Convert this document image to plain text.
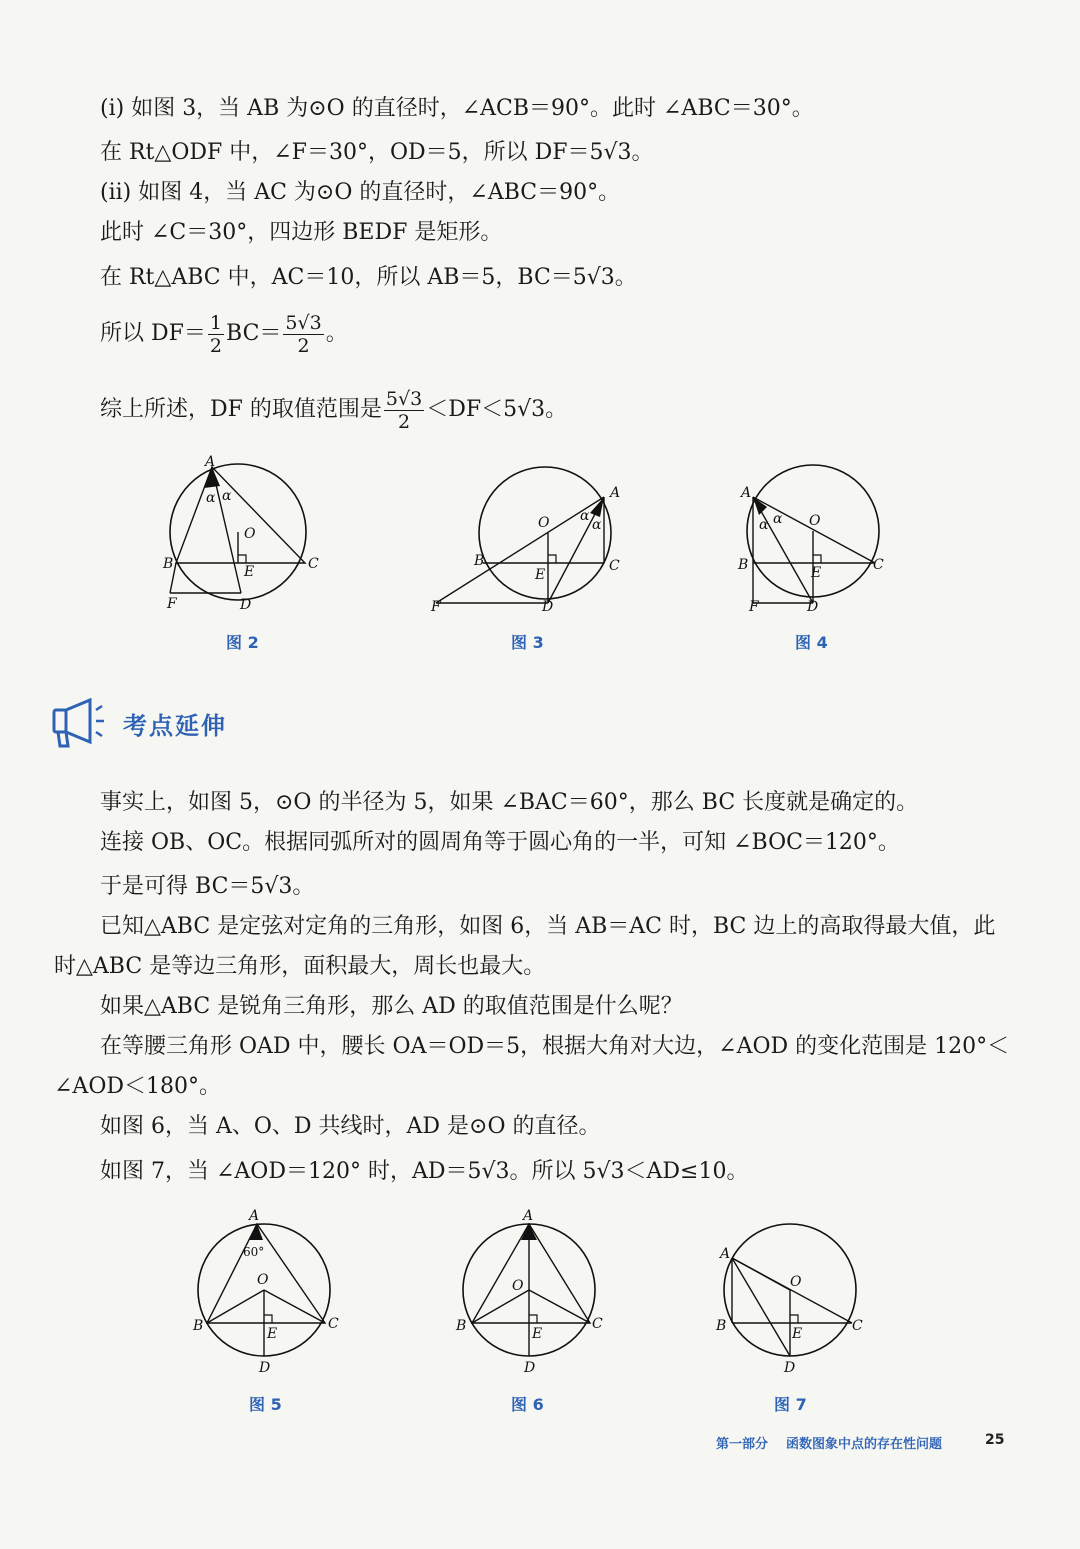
(i) 如图 3，当 AB 为⊙O 的直径时，∠ACB＝90°。此时 ∠ABC＝30°。
在 Rt△ODF 中，∠F＝30°，OD＝5，所以 DF＝5√3。
(ii) 如图 4，当 AC 为⊙O 的直径时，∠ABC＝90°。
此时 ∠C＝30°，四边形 BEDF 是矩形。
在 Rt△ABC 中，AC＝10，所以 AB＝5，BC＝5√3。
所以 $DF= \frac{1}{2} BC= \frac{5√3}{2}$ 。
综上所述，DF 的取值范围是 $\frac{5√3}{2} <DF<5√3$。
A
B	C
D
E
F
O
α α
图 2
A
B	C
D
E
F
O α
α
图 3
A
B	C
D
E
F
O
α α
图 4
考点延伸
事实上，如图 5，⊙O 的半径为 5，如果 ∠BAC＝60°，那么 BC 长度就是确定的。
连接 OB、OC。根据同弧所对的圆周角等于圆心角的一半，可知 ∠BOC＝120°。
于是可得 BC＝5√3。
已知△ABC 是定弦对定角的三角形，如图 6，当 AB＝AC 时，BC 边上的高取得最大值，此
时△ABC 是等边三角形，面积最大，周长也最大。
如果△ABC 是锐角三角形，那么 AD 的取值范围是什么呢？
在等腰三角形 OAD 中，腰长 OA＝OD＝5，根据大角对大边，∠AOD 的变化范围是 120°＜
∠AOD＜180°。
如图 6，当 A、O、D 共线时，AD 是⊙O 的直径。
如图 7，当 ∠AOD＝120° 时，AD＝5√3。所以 5√3＜AD≤10。
A
B	C
D
E
O
60°
图 5
A
B	C
D
E
O
图 6
A
B	C
D
E
O
图 7
第一部分 函数图象中点的存在性问题	25
